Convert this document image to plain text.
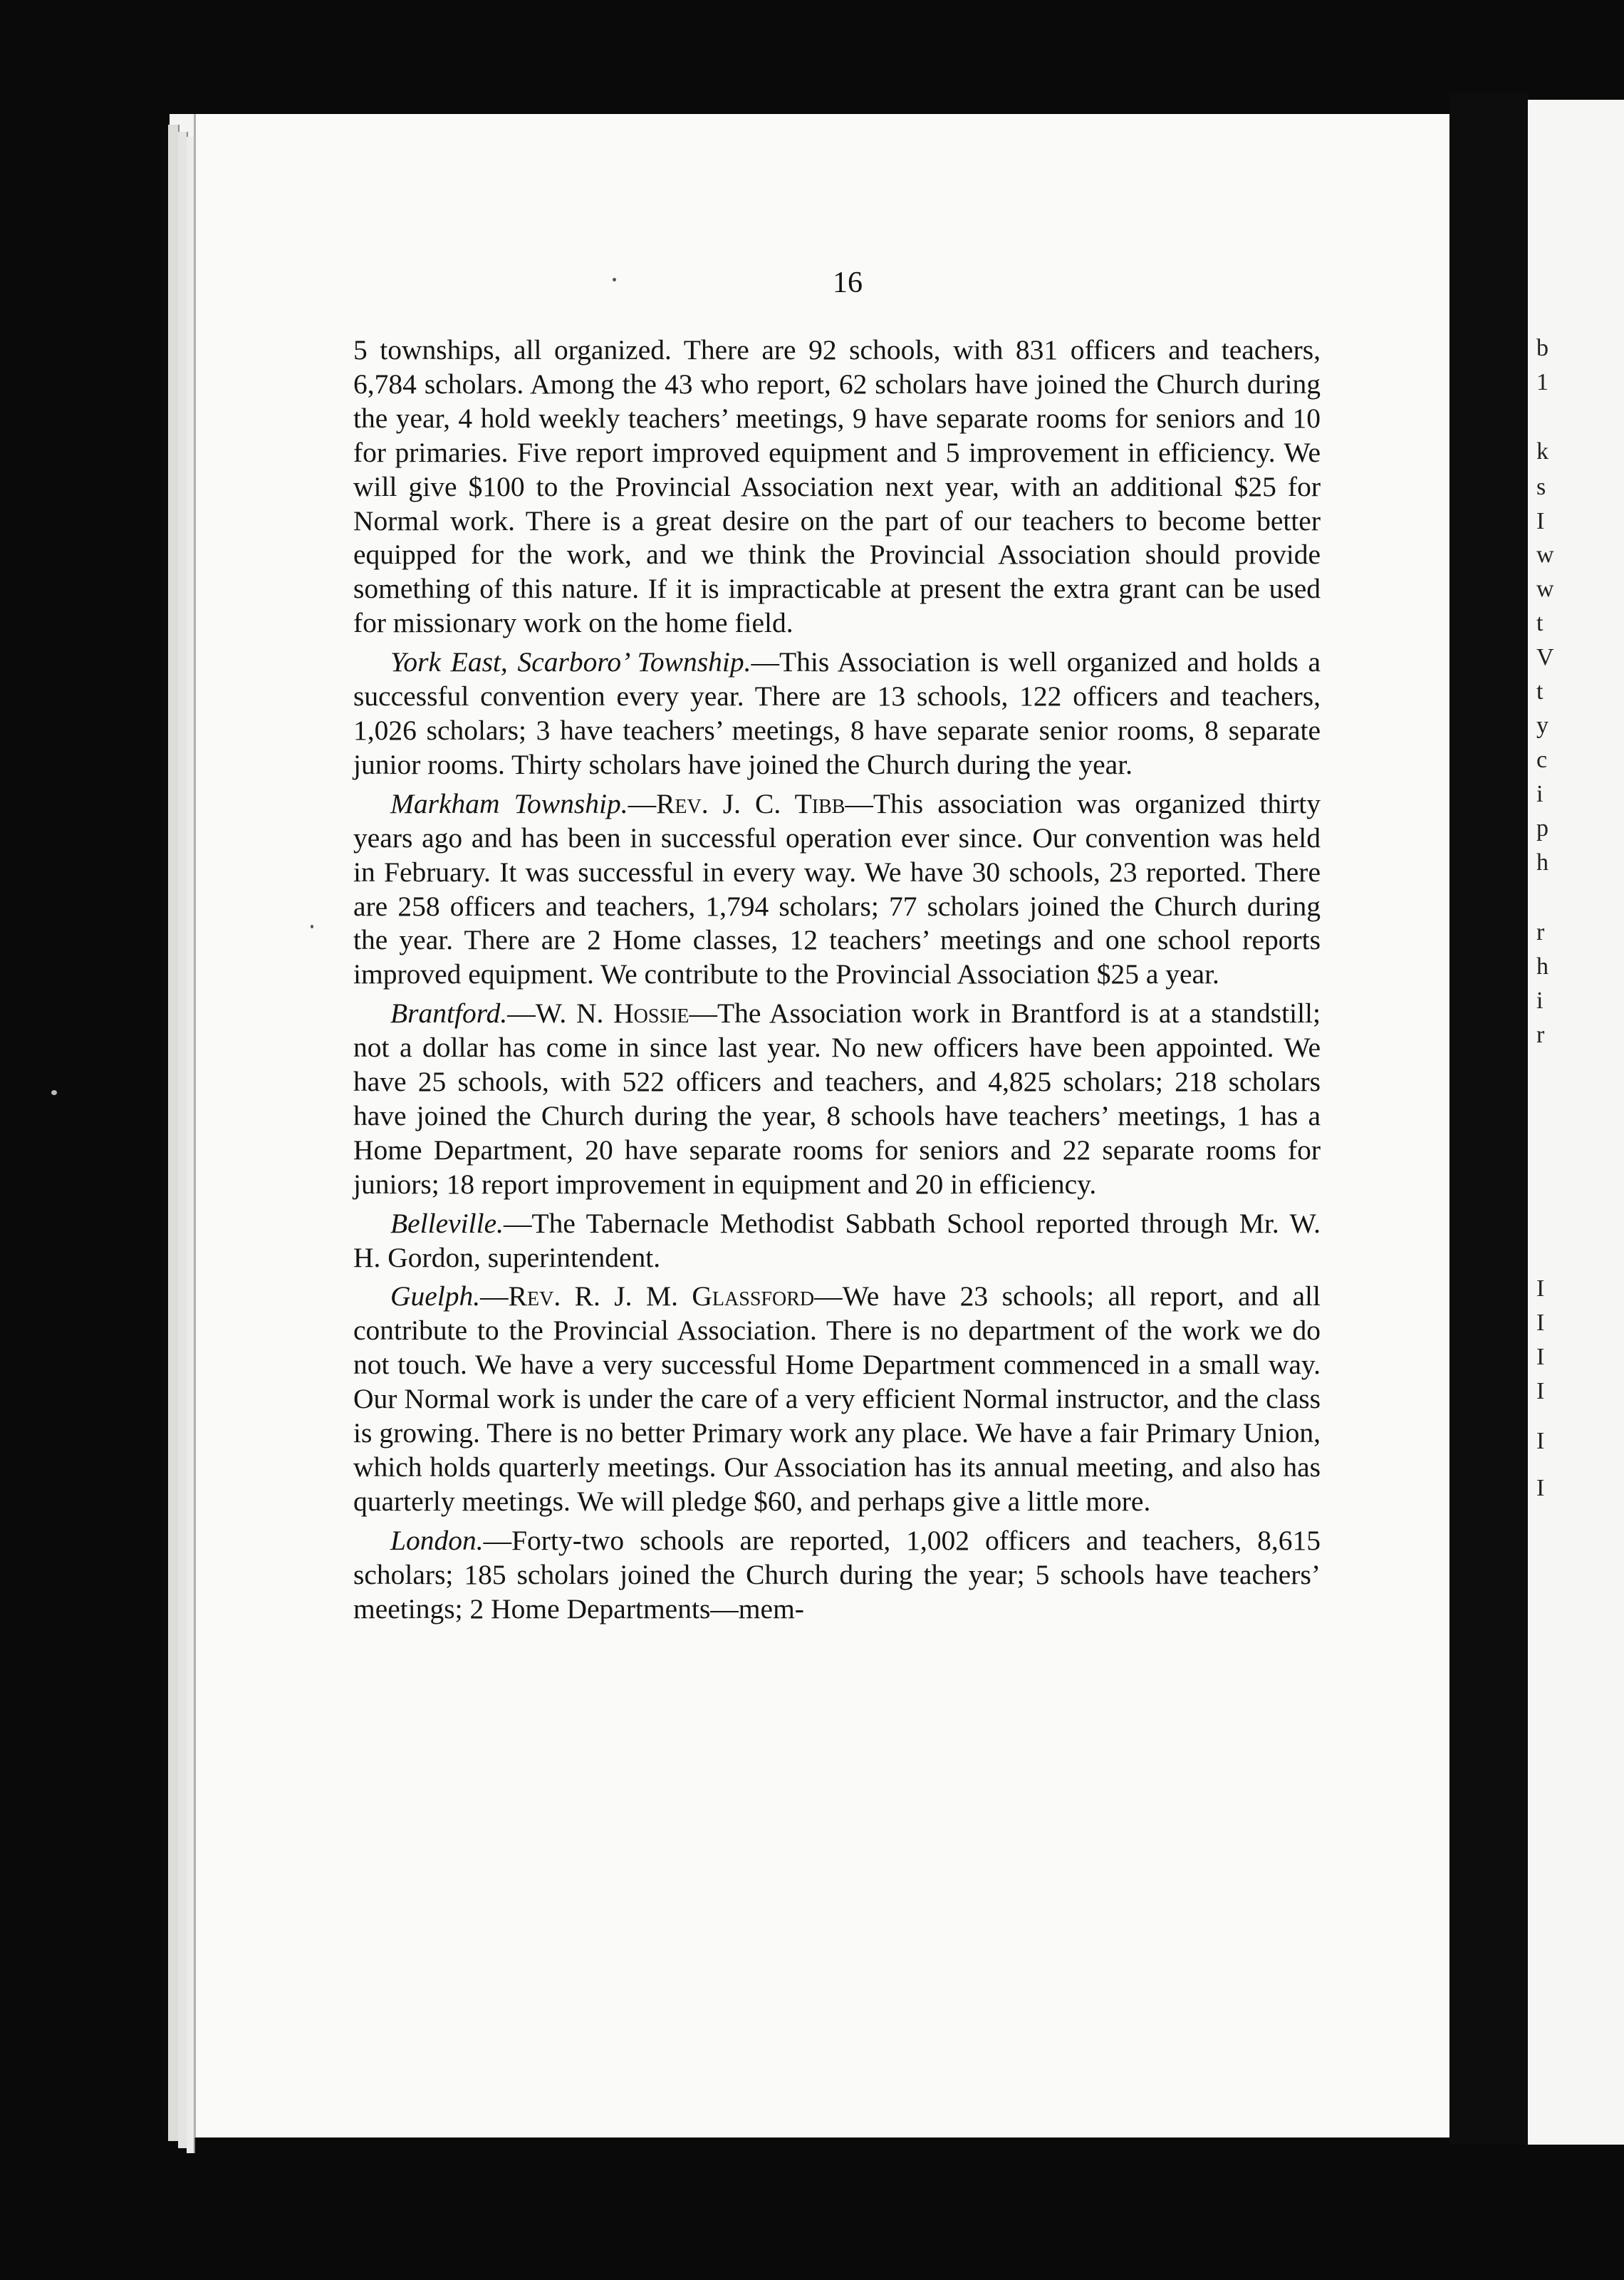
b
1
k
s
I
w
w
t
V
t
y
c
i
p
h
r
h
i
r
I
I
I
I
I
I
16

5 townships, all organized. There are 92 schools, with 831 officers and teachers, 6,784 scholars. Among the 43 who report, 62 scholars have joined the Church during the year, 4 hold weekly teachers’ meetings, 9 have separate rooms for seniors and 10 for primaries. Five report improved equipment and 5 improvement in efficiency. We will give $100 to the Provincial Association next year, with an additional $25 for Normal work. There is a great desire on the part of our teachers to become better equipped for the work, and we think the Provincial Association should provide something of this nature. If it is impracticable at present the extra grant can be used for missionary work on the home field.

York East, Scarboro’ Township.—This Association is well organized and holds a successful convention every year. There are 13 schools, 122 officers and teachers, 1,026 scholars; 3 have teachers’ meetings, 8 have separate senior rooms, 8 separate junior rooms. Thirty scholars have joined the Church during the year.

Markham Township.—Rev. J. C. Tibb—This association was organized thirty years ago and has been in successful operation ever since. Our convention was held in February. It was successful in every way. We have 30 schools, 23 reported. There are 258 officers and teachers, 1,794 scholars; 77 scholars joined the Church during the year. There are 2 Home classes, 12 teachers’ meetings and one school reports improved equipment. We contribute to the Provincial Association $25 a year.

Brantford.—W. N. Hossie—The Association work in Brantford is at a standstill; not a dollar has come in since last year. No new officers have been appointed. We have 25 schools, with 522 officers and teachers, and 4,825 scholars; 218 scholars have joined the Church during the year, 8 schools have teachers’ meetings, 1 has a Home Department, 20 have separate rooms for seniors and 22 separate rooms for juniors; 18 report improvement in equipment and 20 in efficiency.

Belleville.—The Tabernacle Methodist Sabbath School reported through Mr. W. H. Gordon, superintendent.

Guelph.—Rev. R. J. M. Glassford—We have 23 schools; all report, and all contribute to the Provincial Association. There is no department of the work we do not touch. We have a very successful Home Department commenced in a small way. Our Normal work is under the care of a very efficient Normal instructor, and the class is growing. There is no better Primary work any place. We have a fair Primary Union, which holds quarterly meetings. Our Association has its annual meeting, and also has quarterly meetings. We will pledge $60, and perhaps give a little more.

London.—Forty-two schools are reported, 1,002 officers and teachers, 8,615 scholars; 185 scholars joined the Church during the year; 5 schools have teachers’ meetings; 2 Home Departments—mem-
